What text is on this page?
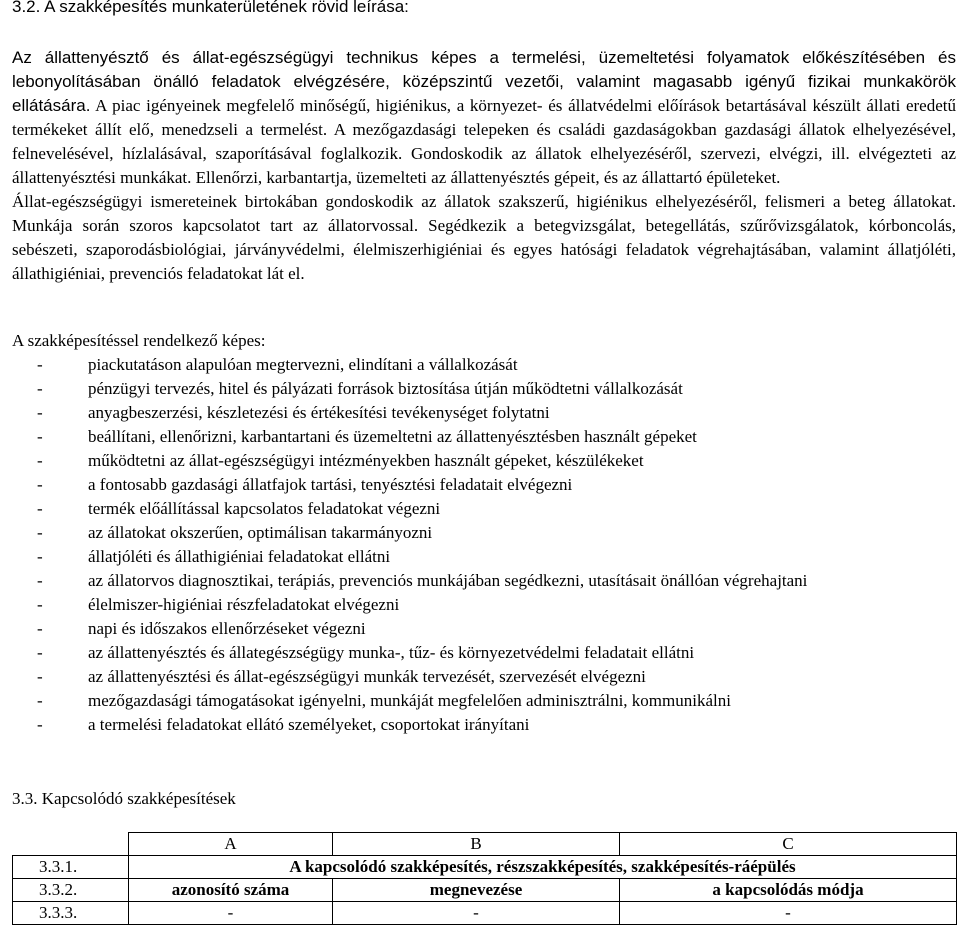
3.2. A szakképesítés munkaterületének rövid leírása:

Az állattenyésztő és állat-egészségügyi technikus képes a termelési, üzemeltetési folyamatok előkészítésében és lebonyolításában önálló feladatok elvégzésére, középszintű vezetői, valamint magasabb igényű fizikai munkakörök ellátására. A piac igényeinek megfelelő minőségű, higiénikus, a környezet- és állatvédelmi előírások betartásával készült állati eredetű termékeket állít elő, menedzseli a termelést. A mezőgazdasági telepeken és családi gazdaságokban gazdasági állatok elhelyezésével, felnevelésével, hízlalásával, szaporításával foglalkozik. Gondoskodik az állatok elhelyezéséről, szervezi, elvégzi, ill. elvégezteti az állattenyésztési munkákat. Ellenőrzi, karbantartja, üzemelteti az állattenyésztés gépeit, és az állattartó épületeket.

Állat-egészségügyi ismereteinek birtokában gondoskodik az állatok szakszerű, higiénikus elhelyezéséről, felismeri a beteg állatokat. Munkája során szoros kapcsolatot tart az állatorvossal. Segédkezik a betegvizsgálat, betegellátás, szűrővizsgálatok, kórboncolás, sebészeti, szaporodásbiológiai, járványvédelmi, élelmiszerhigiéniai és egyes hatósági feladatok végrehajtásában, valamint állatjóléti, állathigiéniai, prevenciós feladatokat lát el.

A szakképesítéssel rendelkező képes:
-	piackutatáson alapulóan megtervezni, elindítani a vállalkozását
-	pénzügyi tervezés, hitel és pályázati források biztosítása útján működtetni vállalkozását
-	anyagbeszerzési, készletezési és értékesítési tevékenységet folytatni
-	beállítani, ellenőrizni, karbantartani és üzemeltetni az állattenyésztésben használt gépeket
-	működtetni az állat-egészségügyi intézményekben használt gépeket, készülékeket
-	a fontosabb gazdasági állatfajok tartási, tenyésztési feladatait elvégezni
-	termék előállítással kapcsolatos feladatokat végezni
-	az állatokat okszerűen, optimálisan takarmányozni
-	állatjóléti és állathigiéniai feladatokat ellátni
-	az állatorvos diagnosztikai, terápiás, prevenciós munkájában segédkezni, utasításait önállóan végrehajtani
-	élelmiszer-higiéniai részfeladatokat elvégezni
-	napi és időszakos ellenőrzéseket végezni
-	az állattenyésztés és állategészségügy munka-, tűz- és környezetvédelmi feladatait ellátni
-	az állattenyésztési és állat-egészségügyi munkák tervezését, szervezését elvégezni
-	mezőgazdasági támogatásokat igényelni, munkáját megfelelően adminisztrálni, kommunikálni
-	a termelési feladatokat ellátó személyeket, csoportokat irányítani
3.3. Kapcsolódó szakképesítések
	A	B	C
3.3.1.	A kapcsolódó szakképesítés, részszakképesítés, szakképesítés-ráépülés		
3.3.2.	azonosító száma	megnevezése	a kapcsolódás módja
3.3.3.	-	-	-
